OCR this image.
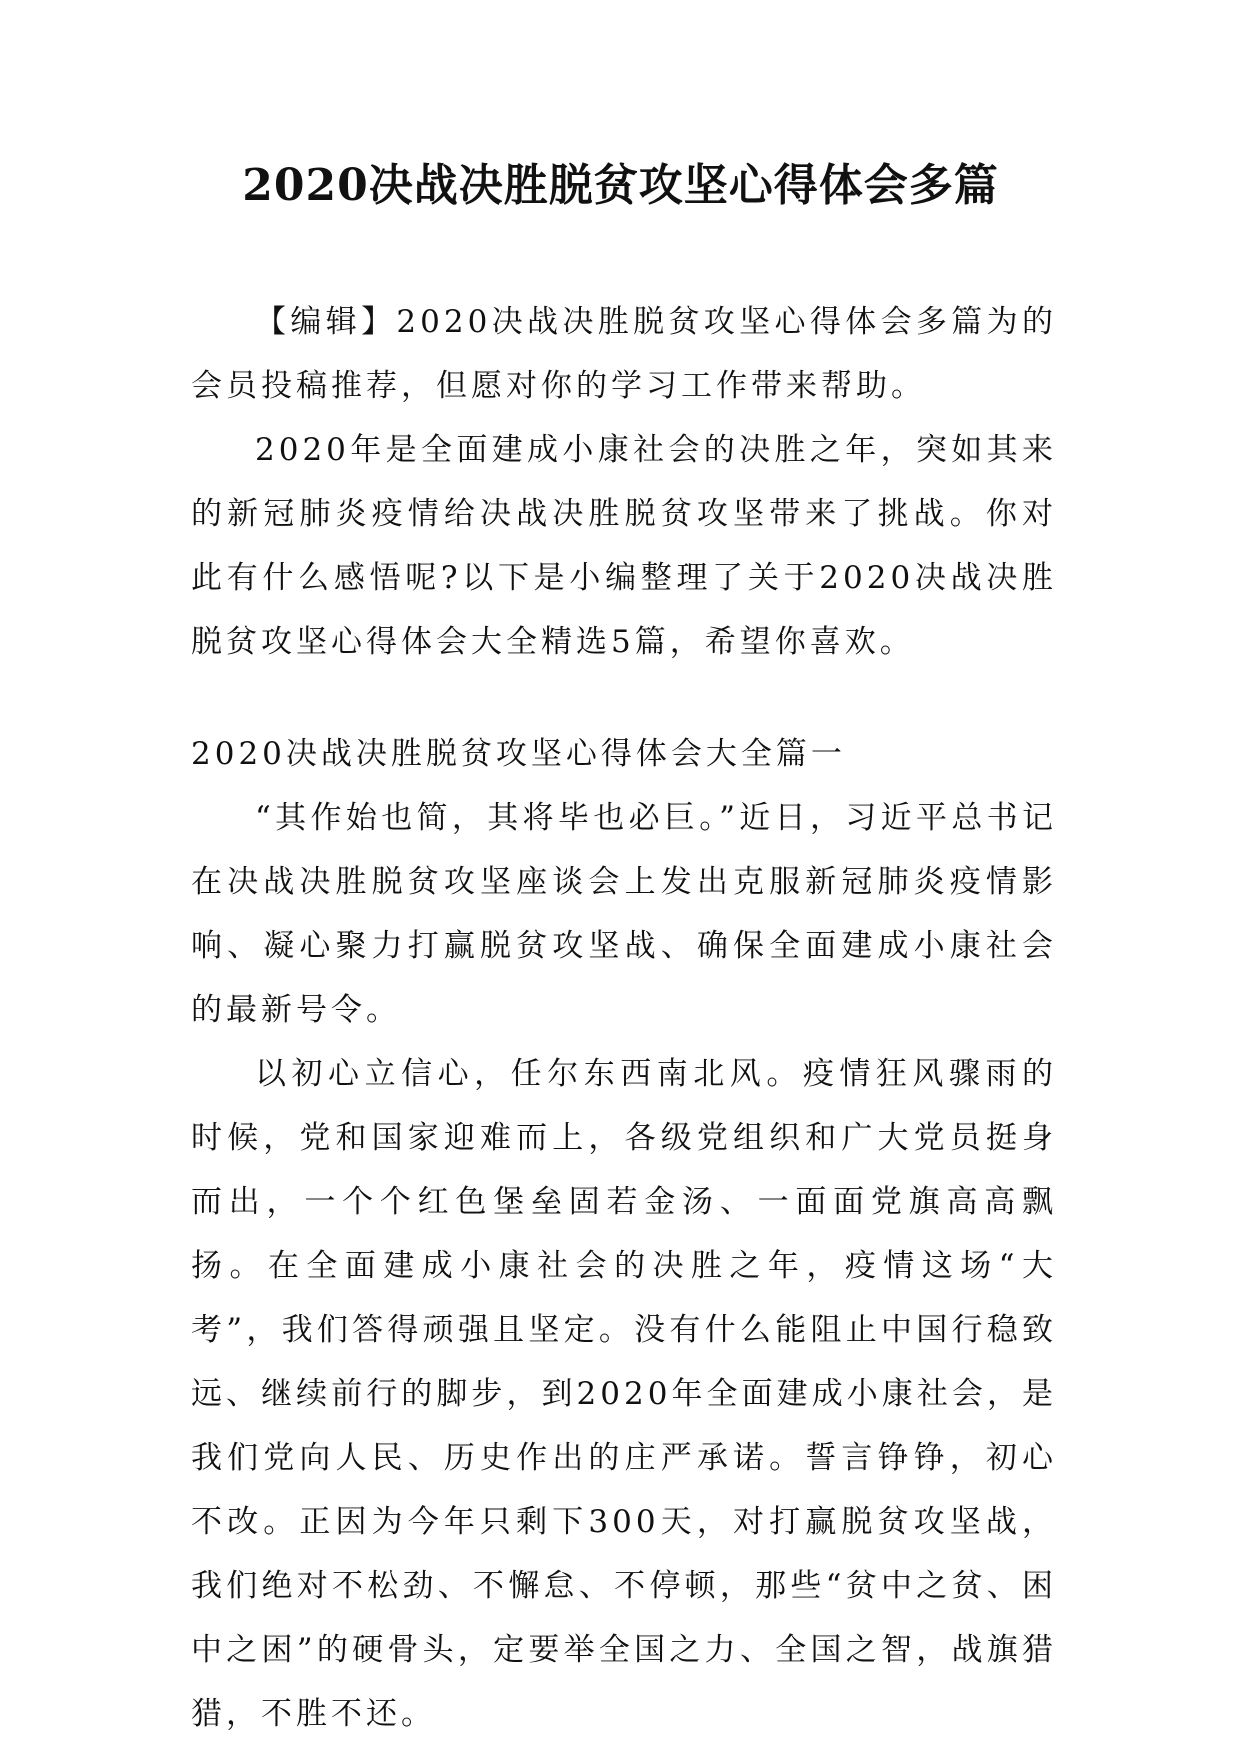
2020决战决胜脱贫攻坚心得体会多篇

【编辑】2020决战决胜脱贫攻坚心得体会多篇为的会员投稿推荐，但愿对你的学习工作带来帮助。

2020年是全面建成小康社会的决胜之年，突如其来的新冠肺炎疫情给决战决胜脱贫攻坚带来了挑战。你对此有什么感悟呢?以下是小编整理了关于2020决战决胜脱贫攻坚心得体会大全精选5篇，希望你喜欢。

2020决战决胜脱贫攻坚心得体会大全篇一

“其作始也简，其将毕也必巨。”近日，习近平总书记在决战决胜脱贫攻坚座谈会上发出克服新冠肺炎疫情影响、凝心聚力打赢脱贫攻坚战、确保全面建成小康社会的最新号令。

以初心立信心，任尔东西南北风。疫情狂风骤雨的时候，党和国家迎难而上，各级党组织和广大党员挺身而出，一个个红色堡垒固若金汤、一面面党旗高高飘扬。在全面建成小康社会的决胜之年，疫情这场“大考”，我们答得顽强且坚定。没有什么能阻止中国行稳致远、继续前行的脚步，到2020年全面建成小康社会，是我们党向人民、历史作出的庄严承诺。誓言铮铮，初心不改。正因为今年只剩下300天，对打赢脱贫攻坚战，我们绝对不松劲、不懈怠、不停顿，那些“贫中之贫、困中之困”的硬骨头，定要举全国之力、全国之智，战旗猎猎，不胜不还。
